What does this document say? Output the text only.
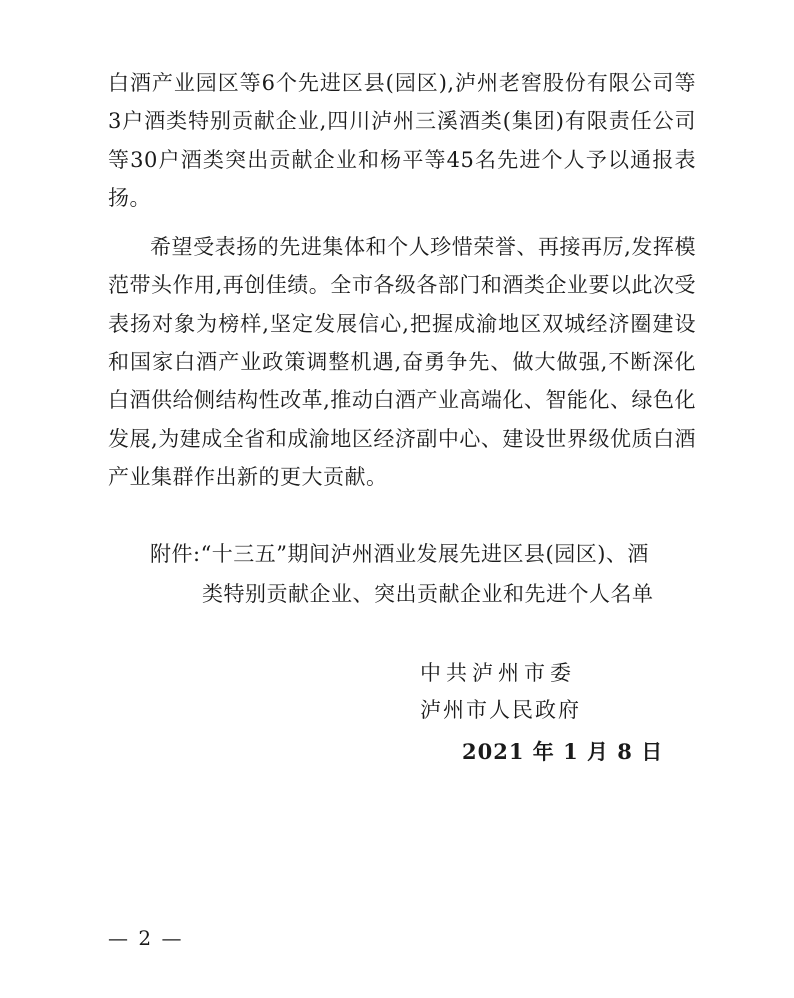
白酒产业园区等6个先进区县(园区),泸州老窖股份有限公司等3户酒类特别贡献企业,四川泸州三溪酒类(集团)有限责任公司等30户酒类突出贡献企业和杨平等45名先进个人予以通报表扬。

希望受表扬的先进集体和个人珍惜荣誉、再接再厉,发挥模范带头作用,再创佳绩。全市各级各部门和酒类企业要以此次受表扬对象为榜样,坚定发展信心,把握成渝地区双城经济圈建设和国家白酒产业政策调整机遇,奋勇争先、做大做强,不断深化白酒供给侧结构性改革,推动白酒产业高端化、智能化、绿色化发展,为建成全省和成渝地区经济副中心、建设世界级优质白酒产业集群作出新的更大贡献。

附件:“十三五”期间泸州酒业发展先进区县(园区)、酒
类特别贡献企业、突出贡献企业和先进个人名单
中共泸州市委
泸州市人民政府
2021 年 1 月 8 日
— 2 —
